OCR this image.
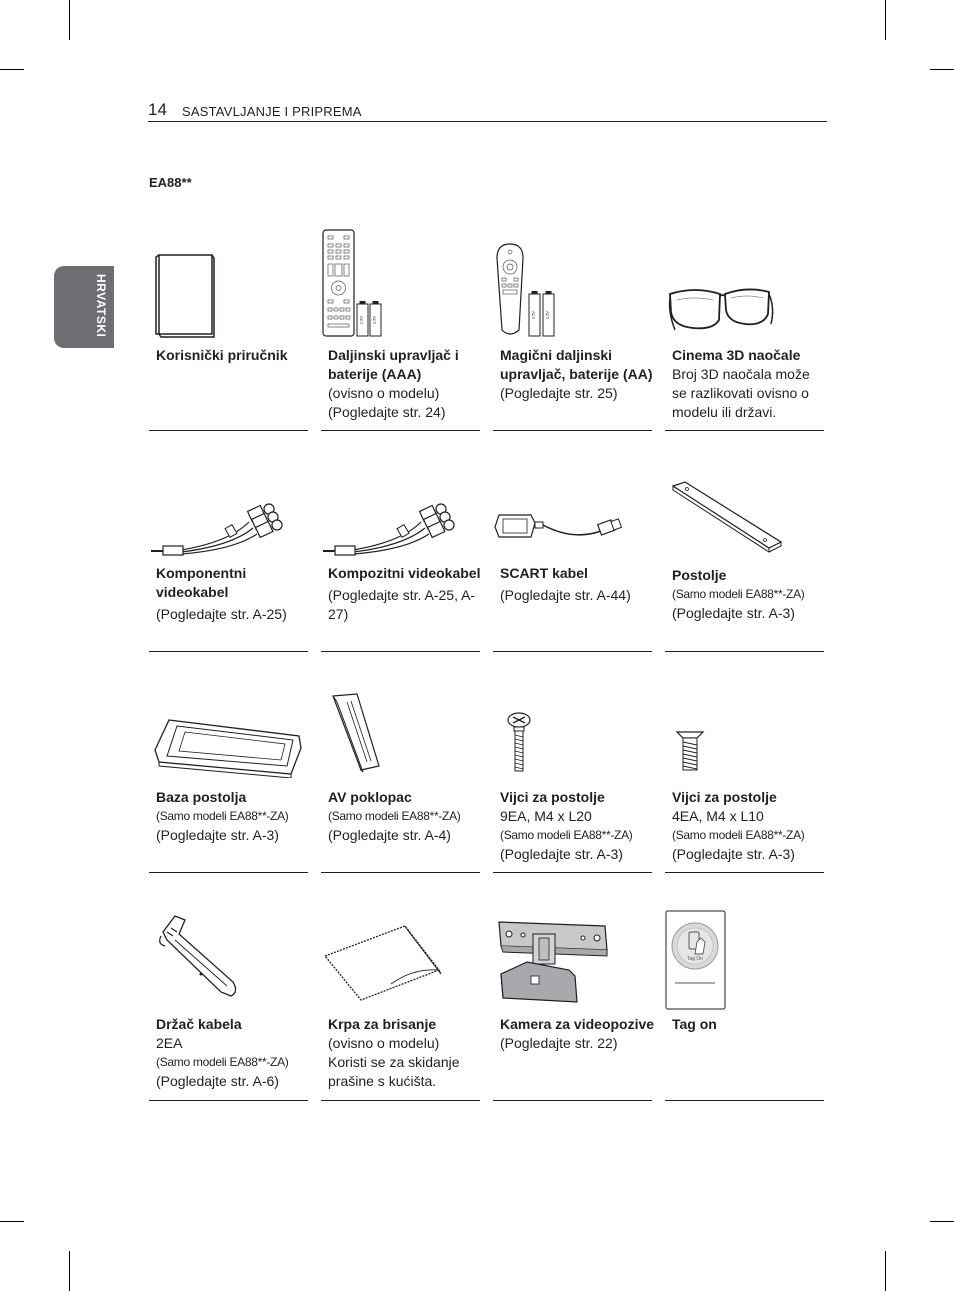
14 SASTAVLJANJE I PRIPREMA
EA88**
HRVATSKI
Korisnički priručnik
1.5V 1.5V
Daljinski upravljač i baterije (AAA)
(ovisno o modelu)
(Pogledajte str. 24)
1.5V 1.5V
Magični daljinski upravljač, baterije (AA)
(Pogledajte str. 25)
Cinema 3D naočale
Broj 3D naočala može se razlikovati ovisno o modelu ili državi.
Komponentni videokabel
(Pogledajte str. A-25)
Kompozitni videokabel
(Pogledajte str. A-25, A-27)
SCART kabel
(Pogledajte str. A-44)
Postolje
(Samo modeli EA88**-ZA)
(Pogledajte str. A-3)
Baza postolja
(Samo modeli EA88**-ZA)
(Pogledajte str. A-3)
AV poklopac
(Samo modeli EA88**-ZA)
(Pogledajte str. A-4)
Vijci za postolje
9EA, M4 x L20
(Samo modeli EA88**-ZA)
(Pogledajte str. A-3)
Vijci za postolje
4EA, M4 x L10
(Samo modeli EA88**-ZA)
(Pogledajte str. A-3)
Držač kabela
2EA
(Samo modeli EA88**-ZA)
(Pogledajte str. A-6)
Krpa za brisanje
(ovisno o modelu)
Koristi se za skidanje prašine s kućišta.
Kamera za videopozive
(Pogledajte str. 22)
Tag On
Tag on
